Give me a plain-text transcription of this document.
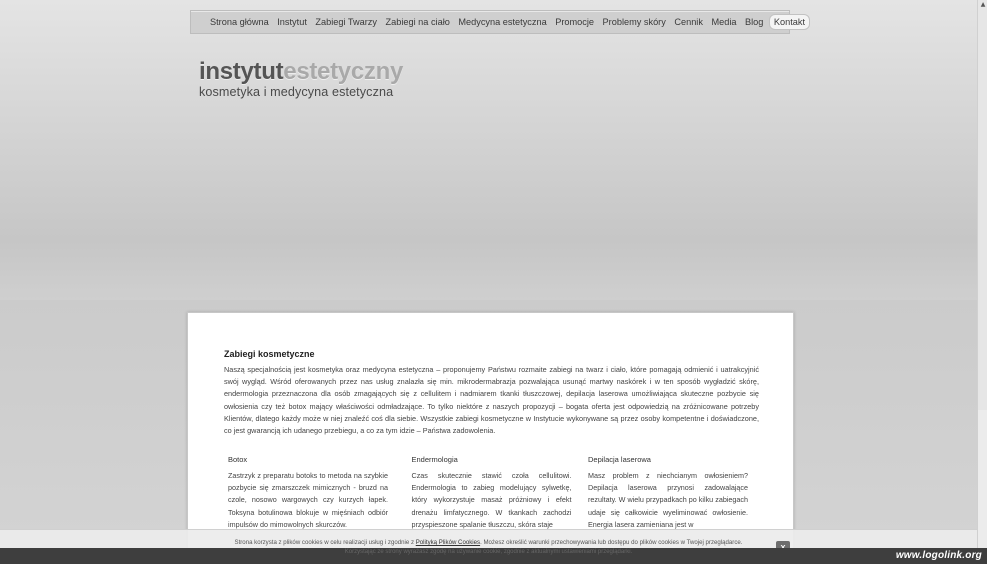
▲
Strona główna Instytut Zabiegi Twarzy Zabiegi na ciało Medycyna estetyczna Promocje Problemy skóry Cennik Media Blog	Kontakt
instytutestetyczny
kosmetyka i medycyna estetyczna
Zabiegi kosmetyczne
Naszą specjalnością jest kosmetyka oraz medycyna estetyczna – proponujemy Państwu rozmaite zabiegi na twarz i ciało, które pomagają odmienić i uatrakcyjnić swój wygląd. Wśród oferowanych przez nas usług znalazła się min. mikrodermabrazja pozwalająca usunąć martwy naskórek i w ten sposób wygładzić skórę, endermologia przeznaczona dla osób zmagających się z cellulitem i nadmiarem tkanki tłuszczowej, depilacja laserowa umożliwiająca skuteczne pozbycie się owłosienia czy też botox mający właściwości odmładzające. To tylko niektóre z naszych propozycji – bogata oferta jest odpowiedzią na zróżnicowane potrzeby Klientów, dlatego każdy może w niej znaleźć coś dla siebie. Wszystkie zabiegi kosmetyczne w Instytucie wykonywane są przez osoby kompetentne i doświadczone, co jest gwarancją ich udanego przebiegu, a co za tym idzie – Państwa zadowolenia.
Botox
Zastrzyk z preparatu botoks to metoda na szybkie pozbycie się zmarszczek mimicznych - bruzd na czole, nosowo wargowych czy kurzych łapek. Toksyna botulinowa blokuje w mięśniach odbiór impulsów do mimowolnych skurczów.
Endermologia
Czas skutecznie stawić czoła cellulitowi. Endermologia to zabieg modelujący sylwetkę, który wykorzystuje masaż próżniowy i efekt drenażu limfatycznego. W tkankach zachodzi przyspieszone spalanie tłuszczu, skóra staje
Depilacja laserowa
Masz problem z niechcianym owłosieniem? Depilacja laserowa przynosi zadowalające rezultaty. W wielu przypadkach po kilku zabiegach udaje się całkowicie wyeliminować owłosienie. Energia lasera zamieniana jest w
Strona korzysta z plików cookies w celu realizacji usług i zgodnie z Polityką Plików Cookies. Możesz określić warunki przechowywania lub dostępu do plików cookies w Twojej przeglądarce.
Korzystając ze strony wyrażasz zgodę na używanie cookie, zgodnie z aktualnymi ustawieniami przeglądarki.	www.logolink.org
